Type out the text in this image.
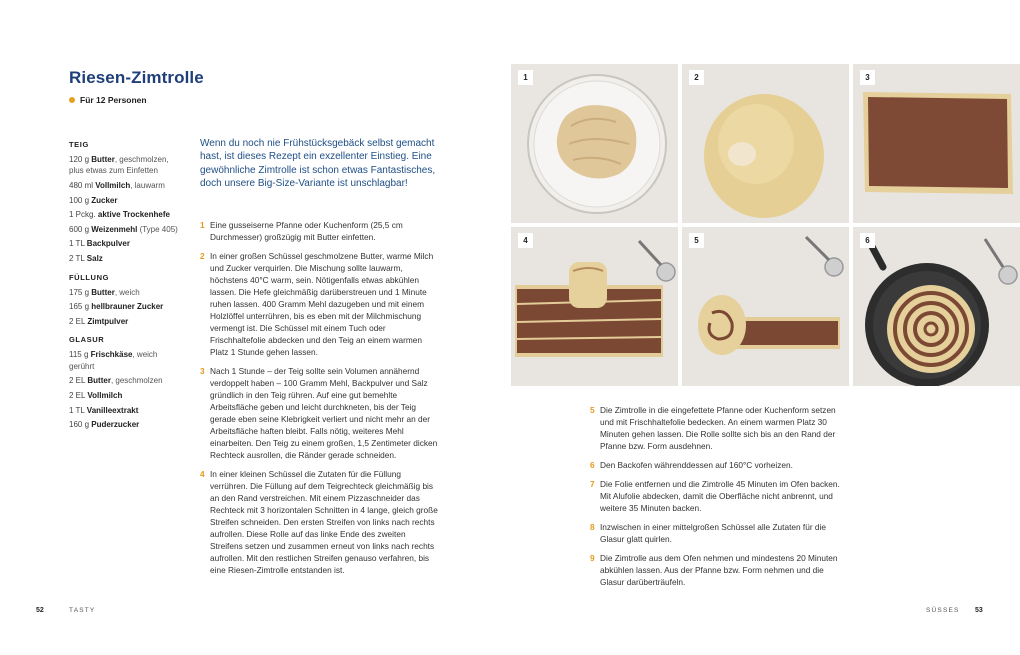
Riesen-Zimtrolle
Für 12 Personen
TEIG
120 g Butter, geschmolzen, plus etwas zum Einfetten
480 ml Vollmilch, lauwarm
100 g Zucker
1 Pckg. aktive Trockenhefe
600 g Weizenmehl (Type 405)
1 TL Backpulver
2 TL Salz
FÜLLUNG
175 g Butter, weich
165 g hellbrauner Zucker
2 EL Zimtpulver
GLASUR
115 g Frischkäse, weich gerührt
2 EL Butter, geschmolzen
2 EL Vollmilch
1 TL Vanilleextrakt
160 g Puderzucker

Wenn du noch nie Frühstücksgebäck selbst gemacht hast, ist dieses Rezept ein exzellenter Einstieg. Eine gewöhnliche Zimtrolle ist schon etwas Fantastisches, doch unsere Big-Size-Variante ist unschlagbar!

1 Eine gusseiserne Pfanne oder Kuchenform (25,5 cm Durchmesser) großzügig mit Butter einfetten.
2 In einer großen Schüssel geschmolzene Butter, warme Milch und Zucker verquirlen. Die Mischung sollte lauwarm, höchstens 40°C warm, sein. Nötigenfalls etwas abkühlen lassen. Die Hefe gleichmäßig darüberstreuen und 1 Minute ruhen lassen. 400 Gramm Mehl dazugeben und mit einem Holzlöffel unterrühren, bis es eben mit der Milchmischung vermengt ist. Die Schüssel mit einem Tuch oder Frischhaltefolie abdecken und den Teig an einem warmen Platz 1 Stunde gehen lassen.
3 Nach 1 Stunde – der Teig sollte sein Volumen annähernd verdoppelt haben – 100 Gramm Mehl, Backpulver und Salz gründlich in den Teig rühren. Auf eine gut bemehlte Arbeitsfläche geben und leicht durchkneten, bis der Teig gerade eben seine Klebrigkeit verliert und nicht mehr an der Arbeitsfläche haften bleibt. Falls nötig, weiteres Mehl einarbeiten. Den Teig zu einem großen, 1,5 Zentimeter dicken Rechteck ausrollen, die Ränder gerade schneiden.
4 In einer kleinen Schüssel die Zutaten für die Füllung verrühren. Die Füllung auf dem Teigrechteck gleichmäßig bis an den Rand verstreichen. Mit einem Pizzaschneider das Rechteck mit 3 horizontalen Schnitten in 4 lange, gleich große Streifen schneiden. Den ersten Streifen von links nach rechts aufrollen. Diese Rolle auf das linke Ende des zweiten Streifens setzen und zusammen erneut von links nach rechts aufrollen. Mit den restlichen Streifen genauso verfahren, bis eine Riesen-Zimtrolle entstanden ist.
1	2	3
4	5	6
5 Die Zimtrolle in die eingefettete Pfanne oder Kuchenform setzen und mit Frischhaltefolie bedecken. An einem warmen Platz 30 Minuten gehen lassen. Die Rolle sollte sich bis an den Rand der Pfanne bzw. Form ausdehnen.
6 Den Backofen währenddessen auf 160°C vorheizen.
7 Die Folie entfernen und die Zimtrolle 45 Minuten im Ofen backen. Mit Alufolie abdecken, damit die Oberfläche nicht anbrennt, und weitere 35 Minuten backen.
8 Inzwischen in einer mittelgroßen Schüssel alle Zutaten für die Glasur glatt quirlen.
9 Die Zimtrolle aus dem Ofen nehmen und mindestens 20 Minuten abkühlen lassen. Aus der Pfanne bzw. Form nehmen und die Glasur darüberträufeln.
52	TASTY	SÜSSES 53
